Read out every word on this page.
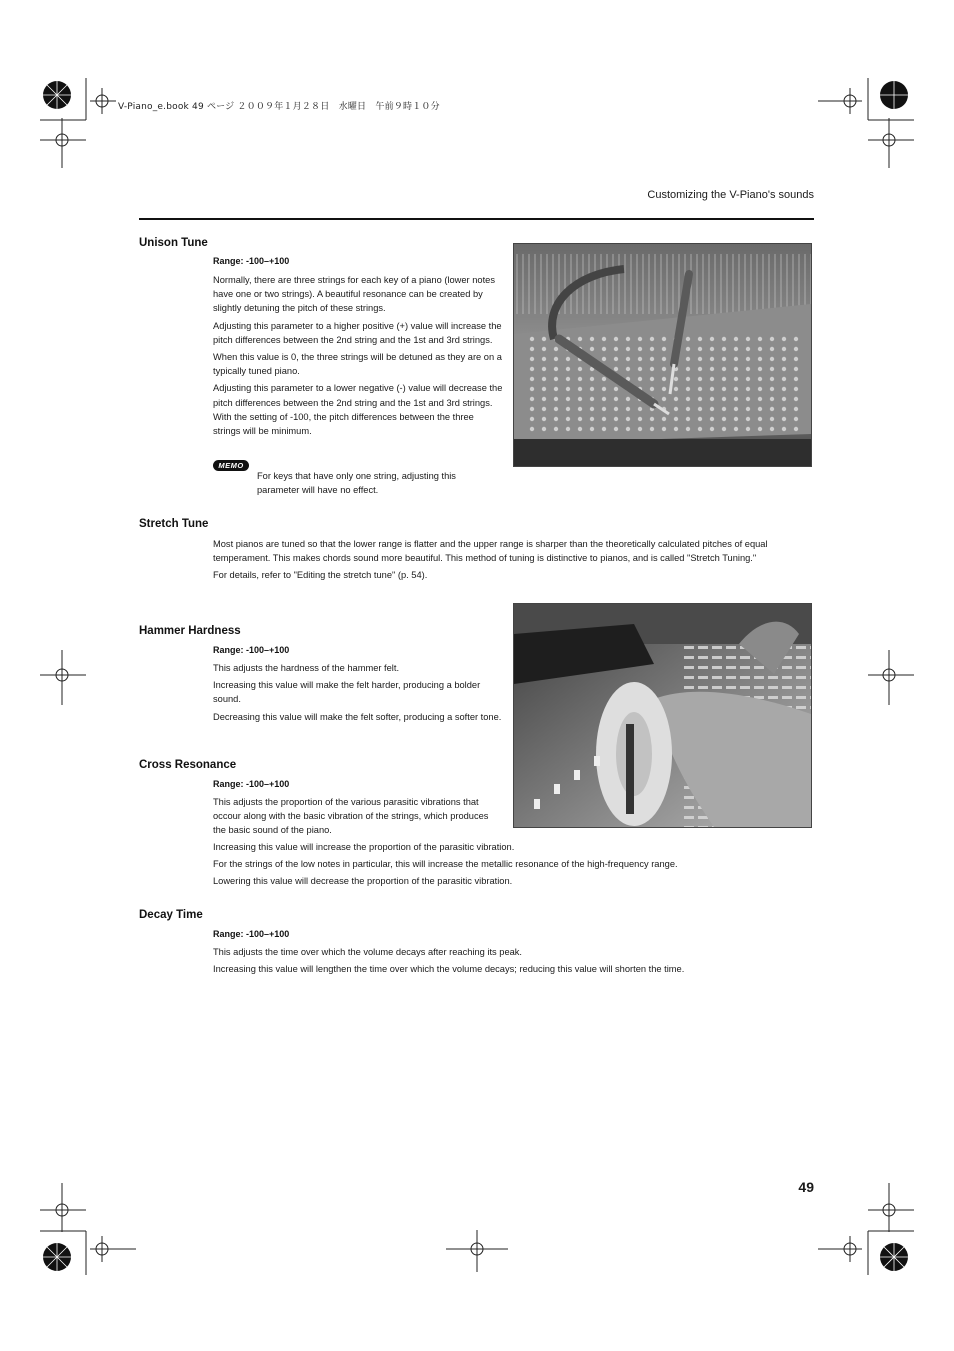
V-Piano_e.book 49 ページ ２００９年１月２８日　水曜日　午前９時１０分
Customizing the V-Piano's sounds
Unison Tune
Range: -100–+100

Normally, there are three strings for each key of a piano (lower notes have one or two strings). A beautiful resonance can be created by slightly detuning the pitch of these strings.

Adjusting this parameter to a higher positive (+) value will increase the pitch differences between the 2nd string and the 1st and 3rd strings.

When this value is 0, the three strings will be detuned as they are on a typically tuned piano.

Adjusting this parameter to a lower negative (-) value will decrease the pitch differences between the 2nd string and the 1st and 3rd strings. With the setting of -100, the pitch differences between the three strings will be minimum.

MEMO
For keys that have only one string, adjusting this parameter will have no effect.
Stretch Tune

Most pianos are tuned so that the lower range is flatter and the upper range is sharper than the theoretically calculated pitches of equal temperament. This makes chords sound more beautiful. This method of tuning is distinctive to pianos, and is called "Stretch Tuning."

For details, refer to "Editing the stretch tune" (p. 54).

Hammer Hardness
Range: -100–+100

This adjusts the hardness of the hammer felt.

Increasing this value will make the felt harder, producing a bolder sound.

Decreasing this value will make the felt softer, producing a softer tone.

Cross Resonance
Range: -100–+100

This adjusts the proportion of the various parasitic vibrations that occour along with the basic vibration of the strings, which produces the basic sound of the piano.

Increasing this value will increase the proportion of the parasitic vibration.

For the strings of the low notes in particular, this will increase the metallic resonance of the high-frequency range.

Lowering this value will decrease the proportion of the parasitic vibration.

Decay Time
Range: -100–+100

This adjusts the time over which the volume decays after reaching its peak.

Increasing this value will lengthen the time over which the volume decays; reducing this value will shorten the time.

49
